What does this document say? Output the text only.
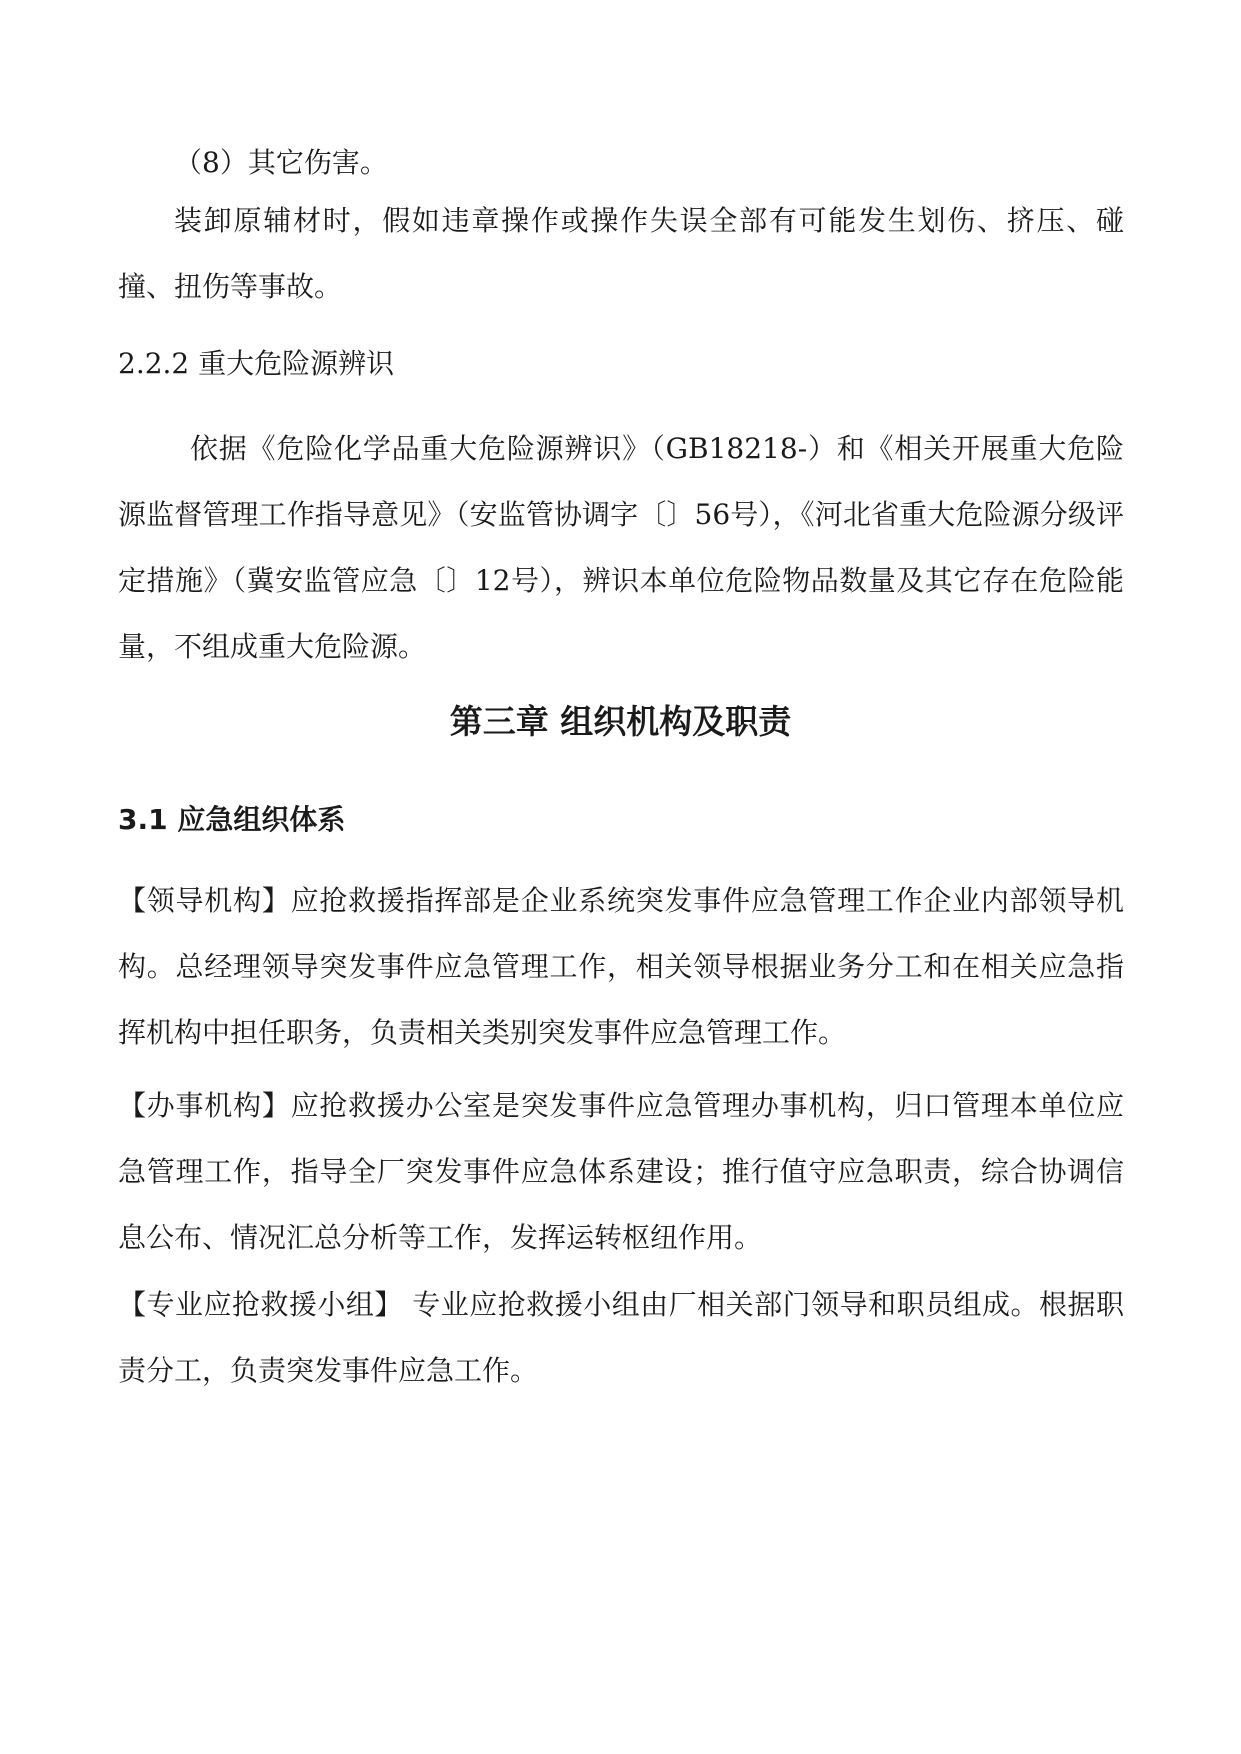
（8）其它伤害。

装卸原辅材时，假如违章操作或操作失误全部有可能发生划伤、挤压、碰撞、扭伤等事故。

2.2.2 重大危险源辨识

依据《危险化学品重大危险源辨识》（GB18218-）和《相关开展重大危险源监督管理工作指导意见》（安监管协调字〔〕56号），《河北省重大危险源分级评定措施》（冀安监管应急〔〕12号），辨识本单位危险物品数量及其它存在危险能量，不组成重大危险源。

第三章 组织机构及职责
3.1 应急组织体系

【领导机构】应抢救援指挥部是企业系统突发事件应急管理工作企业内部领导机构。总经理领导突发事件应急管理工作，相关领导根据业务分工和在相关应急指挥机构中担任职务，负责相关类别突发事件应急管理工作。

【办事机构】应抢救援办公室是突发事件应急管理办事机构，归口管理本单位应急管理工作，指导全厂突发事件应急体系建设；推行值守应急职责，综合协调信息公布、情况汇总分析等工作，发挥运转枢纽作用。

【专业应抢救援小组】 专业应抢救援小组由厂相关部门领导和职员组成。根据职责分工，负责突发事件应急工作。
